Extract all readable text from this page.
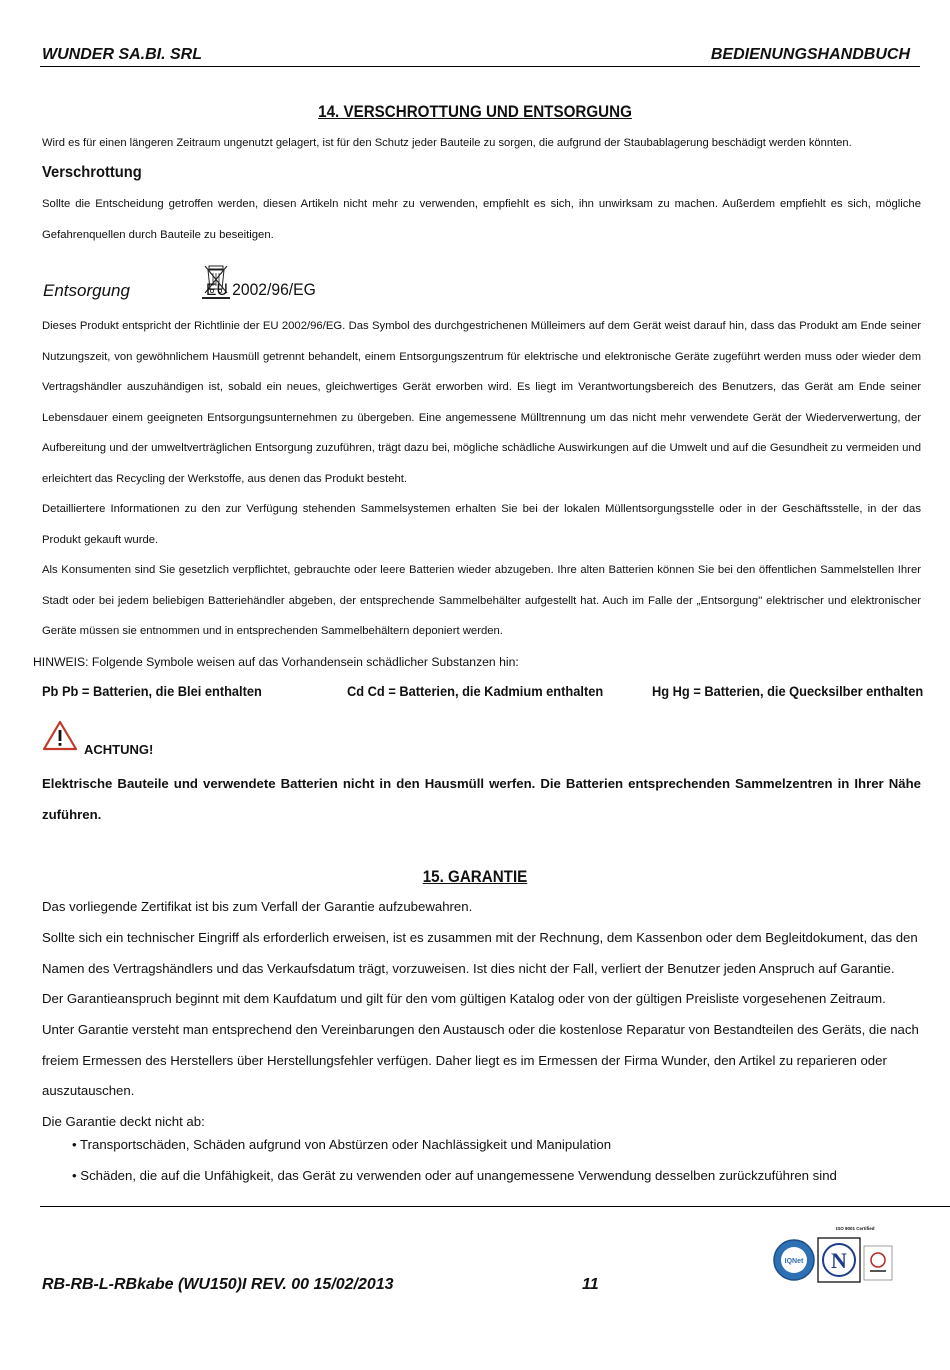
WUNDER SA.BI. SRL	BEDIENUNGSHANDBUCH
14. VERSCHROTTUNG UND ENTSORGUNG
Wird es für einen längeren Zeitraum ungenutzt gelagert, ist für den Schutz jeder Bauteile zu sorgen, die aufgrund der Staubablagerung beschädigt werden könnten.
Verschrottung
Sollte die Entscheidung getroffen werden, diesen Artikeln nicht mehr zu verwenden, empfiehlt es sich, ihn unwirksam zu machen. Außerdem empfiehlt es sich, mögliche Gefahrenquellen durch Bauteile zu beseitigen.
Entsorgung	EU 2002/96/EG
Dieses Produkt entspricht der Richtlinie der EU 2002/96/EG. Das Symbol des durchgestrichenen Mülleimers auf dem Gerät weist darauf hin, dass das Produkt am Ende seiner Nutzungszeit, von gewöhnlichem Hausmüll getrennt behandelt, einem Entsorgungszentrum für elektrische und elektronische Geräte zugeführt werden muss oder wieder dem Vertragshändler auszuhändigen ist, sobald ein neues, gleichwertiges Gerät erworben wird. Es liegt im Verantwortungsbereich des Benutzers, das Gerät am Ende seiner Lebensdauer einem geeigneten Entsorgungsunternehmen zu übergeben. Eine angemessene Mülltrennung um das nicht mehr verwendete Gerät der Wiederverwertung, der Aufbereitung und der umweltverträglichen Entsorgung zuzuführen, trägt dazu bei, mögliche schädliche Auswirkungen auf die Umwelt und auf die Gesundheit zu vermeiden und erleichtert das Recycling der Werkstoffe, aus denen das Produkt besteht.
Detailliertere Informationen zu den zur Verfügung stehenden Sammelsystemen erhalten Sie bei der lokalen Müllentsorgungsstelle oder in der Geschäftsstelle, in der das Produkt gekauft wurde.
Als Konsumenten sind Sie gesetzlich verpflichtet, gebrauchte oder leere Batterien wieder abzugeben. Ihre alten Batterien können Sie bei den öffentlichen Sammelstellen Ihrer Stadt oder bei jedem beliebigen Batteriehändler abgeben, der entsprechende Sammelbehälter aufgestellt hat. Auch im Falle der „Entsorgung" elektrischer und elektronischer Geräte müssen sie entnommen und in entsprechenden Sammelbehältern deponiert werden.
HINWEIS: Folgende Symbole weisen auf das Vorhandensein schädlicher Substanzen hin:
Pb Pb = Batterien, die Blei enthalten	Cd Cd = Batterien, die Kadmium enthalten	Hg Hg = Batterien, die Quecksilber enthalten
ACHTUNG!
Elektrische Bauteile und verwendete Batterien nicht in den Hausmüll werfen. Die Batterien entsprechenden Sammelzentren in Ihrer Nähe zuführen.
15. GARANTIE
Das vorliegende Zertifikat ist bis zum Verfall der Garantie aufzubewahren.
Sollte sich ein technischer Eingriff als erforderlich erweisen, ist es zusammen mit der Rechnung, dem Kassenbon oder dem Begleitdokument, das den Namen des Vertragshändlers und das Verkaufsdatum trägt, vorzuweisen. Ist dies nicht der Fall, verliert der Benutzer jeden Anspruch auf Garantie.
Der Garantieanspruch beginnt mit dem Kaufdatum und gilt für den vom gültigen Katalog oder von der gültigen Preisliste vorgesehenen Zeitraum.
Unter Garantie versteht man entsprechend den Vereinbarungen den Austausch oder die kostenlose Reparatur von Bestandteilen des Geräts, die nach freiem Ermessen des Herstellers über Herstellungsfehler verfügen. Daher liegt es im Ermessen der Firma Wunder, den Artikel zu reparieren oder auszutauschen.
Die Garantie deckt nicht ab:
• Transportschäden, Schäden aufgrund von Abstürzen oder Nachlässigkeit und Manipulation
• Schäden, die auf die Unfähigkeit, das Gerät zu verwenden oder auf unangemessene Verwendung desselben zurückzuführen sind
IQNet N
ISO 9001 Certified
RB-RB-L-RBkabe (WU150)I REV. 00 15/02/2013	11
